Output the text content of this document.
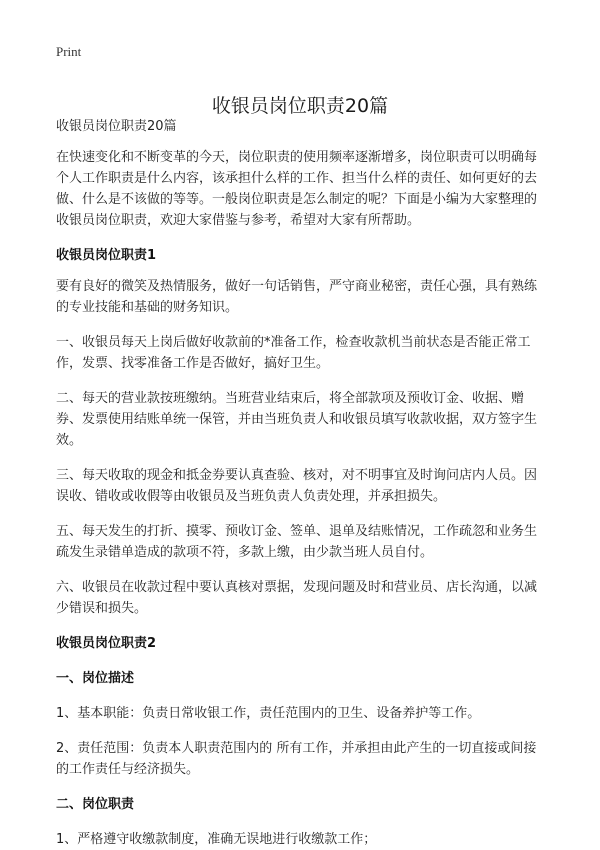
Print
收银员岗位职责20篇

收银员岗位职责20篇

在快速变化和不断变革的今天，岗位职责的使用频率逐渐增多，岗位职责可以明确每个人工作职责是什么内容，该承担什么样的工作、担当什么样的责任、如何更好的去做、什么是不该做的等等。一般岗位职责是怎么制定的呢？下面是小编为大家整理的收银员岗位职责，欢迎大家借鉴与参考，希望对大家有所帮助。

收银员岗位职责1

要有良好的微笑及热情服务，做好一句话销售，严守商业秘密，责任心强，具有熟练的专业技能和基础的财务知识。

一、收银员每天上岗后做好收款前的*准备工作，检查收款机当前状态是否能正常工作，发票、找零准备工作是否做好，搞好卫生。

二、每天的营业款按班缴纳。当班营业结束后，将全部款项及预收订金、收据、赠券、发票使用结账单统一保管，并由当班负责人和收银员填写收款收据，双方签字生效。

三、每天收取的现金和抵金券要认真查验、核对，对不明事宜及时询问店内人员。因误收、错收或收假等由收银员及当班负责人负责处理，并承担损失。

五、每天发生的打折、摸零、预收订金、签单、退单及结账情况，工作疏忽和业务生疏发生录错单造成的款项不符，多款上缴，由少款当班人员自付。

六、收银员在收款过程中要认真核对票据，发现问题及时和营业员、店长沟通，以减少错误和损失。

收银员岗位职责2
一、岗位描述

1、基本职能：负责日常收银工作，责任范围内的卫生、设备养护等工作。

2、责任范围：负责本人职责范围内的 所有工作，并承担由此产生的一切直接或间接的工作责任与经济损失。

二、岗位职责

1、严格遵守收缴款制度，准确无误地进行收缴款工作；
